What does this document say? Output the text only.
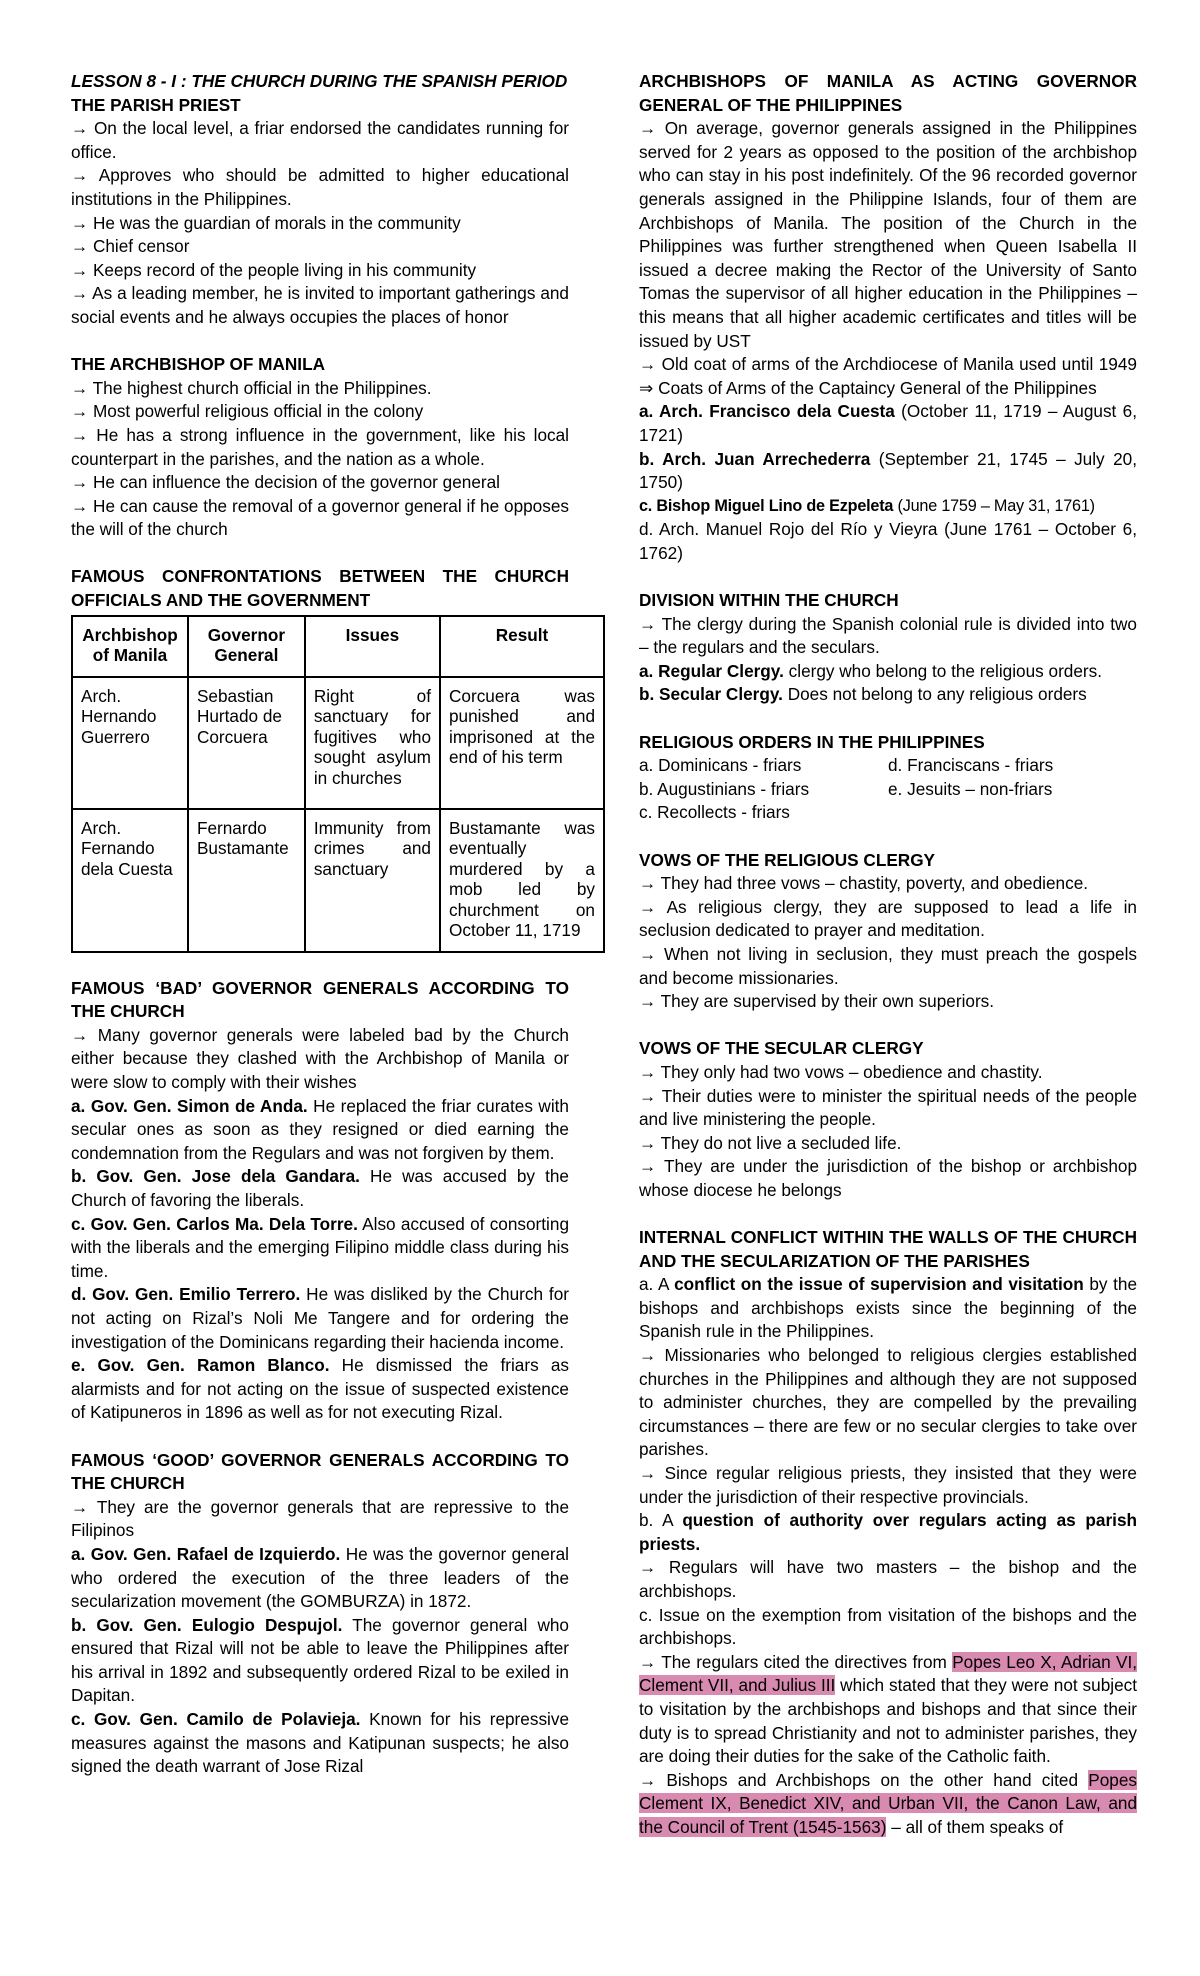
LESSON 8 - I : THE CHURCH DURING THE SPANISH PERIOD

THE PARISH PRIEST

→ On the local level, a friar endorsed the candidates running for office.

→ Approves who should be admitted to higher educational institutions in the Philippines.

→ He was the guardian of morals in the community

→ Chief censor

→ Keeps record of the people living in his community

→ As a leading member, he is invited to important gatherings and social events and he always occupies the places of honor

THE ARCHBISHOP OF MANILA

→ The highest church official in the Philippines.

→ Most powerful religious official in the colony

→ He has a strong influence in the government, like his local counterpart in the parishes, and the nation as a whole.

→ He can influence the decision of the governor general

→ He can cause the removal of a governor general if he opposes the will of the church

FAMOUS CONFRONTATIONS BETWEEN THE CHURCH OFFICIALS AND THE GOVERNMENT

Archbishop of Manila	Governor General	Issues	Result
Arch. Hernando Guerrero	Sebastian Hurtado de Corcuera	Right of sanctuary for fugitives who sought asylum in churches	Corcuera was punished and imprisoned at the end of his term
Arch. Fernando dela Cuesta	Fernardo Bustamante	Immunity from crimes and sanctuary	Bustamante was eventually murdered by a mob led by churchment on October 11, 1719

FAMOUS ‘BAD’ GOVERNOR GENERALS ACCORDING TO THE CHURCH

→ Many governor generals were labeled bad by the Church either because they clashed with the Archbishop of Manila or were slow to comply with their wishes

a. Gov. Gen. Simon de Anda. He replaced the friar curates with secular ones as soon as they resigned or died earning the condemnation from the Regulars and was not forgiven by them.

b. Gov. Gen. Jose dela Gandara. He was accused by the Church of favoring the liberals.

c. Gov. Gen. Carlos Ma. Dela Torre. Also accused of consorting with the liberals and the emerging Filipino middle class during his time.

d. Gov. Gen. Emilio Terrero. He was disliked by the Church for not acting on Rizal’s Noli Me Tangere and for ordering the investigation of the Dominicans regarding their hacienda income.

e. Gov. Gen. Ramon Blanco. He dismissed the friars as alarmists and for not acting on the issue of suspected existence of Katipuneros in 1896 as well as for not executing Rizal.

FAMOUS ‘GOOD’ GOVERNOR GENERALS ACCORDING TO THE CHURCH

→ They are the governor generals that are repressive to the Filipinos

a. Gov. Gen. Rafael de Izquierdo. He was the governor general who ordered the execution of the three leaders of the secularization movement (the GOMBURZA) in 1872.

b. Gov. Gen. Eulogio Despujol. The governor general who ensured that Rizal will not be able to leave the Philippines after his arrival in 1892 and subsequently ordered Rizal to be exiled in Dapitan.

c. Gov. Gen. Camilo de Polavieja. Known for his repressive measures against the masons and Katipunan suspects; he also signed the death warrant of Jose Rizal

ARCHBISHOPS OF MANILA AS ACTING GOVERNOR GENERAL OF THE PHILIPPINES

→ On average, governor generals assigned in the Philippines served for 2 years as opposed to the position of the archbishop who can stay in his post indefinitely. Of the 96 recorded governor generals assigned in the Philippine Islands, four of them are Archbishops of Manila. The position of the Church in the Philippines was further strengthened when Queen Isabella II issued a decree making the Rector of the University of Santo Tomas the supervisor of all higher education in the Philippines – this means that all higher academic certificates and titles will be issued by UST

→ Old coat of arms of the Archdiocese of Manila used until 1949 ⇒ Coats of Arms of the Captaincy General of the Philippines

a. Arch. Francisco dela Cuesta (October 11, 1719 – August 6, 1721)

b. Arch. Juan Arrechederra (September 21, 1745 – July 20, 1750)

c. Bishop Miguel Lino de Ezpeleta (June 1759 – May 31, 1761)

d. Arch. Manuel Rojo del Río y Vieyra (June 1761 – October 6, 1762)

DIVISION WITHIN THE CHURCH

→ The clergy during the Spanish colonial rule is divided into two – the regulars and the seculars.

a. Regular Clergy. clergy who belong to the religious orders.

b. Secular Clergy. Does not belong to any religious orders

RELIGIOUS ORDERS IN THE PHILIPPINES

a. Dominicans - friars

b. Augustinians - friars

c. Recollects - friars

d. Franciscans - friars

e. Jesuits – non-friars

VOWS OF THE RELIGIOUS CLERGY

→ They had three vows – chastity, poverty, and obedience.

→ As religious clergy, they are supposed to lead a life in seclusion dedicated to prayer and meditation.

→ When not living in seclusion, they must preach the gospels and become missionaries.

→ They are supervised by their own superiors.

VOWS OF THE SECULAR CLERGY

→ They only had two vows – obedience and chastity.

→ Their duties were to minister the spiritual needs of the people and live ministering the people.

→ They do not live a secluded life.

→ They are under the jurisdiction of the bishop or archbishop whose diocese he belongs

INTERNAL CONFLICT WITHIN THE WALLS OF THE CHURCH AND THE SECULARIZATION OF THE PARISHES

a. A conflict on the issue of supervision and visitation by the bishops and archbishops exists since the beginning of the Spanish rule in the Philippines.

→ Missionaries who belonged to religious clergies established churches in the Philippines and although they are not supposed to administer churches, they are compelled by the prevailing circumstances – there are few or no secular clergies to take over parishes.

→ Since regular religious priests, they insisted that they were under the jurisdiction of their respective provincials.

b. A question of authority over regulars acting as parish priests.

→ Regulars will have two masters – the bishop and the archbishops.

c. Issue on the exemption from visitation of the bishops and the archbishops.

→ The regulars cited the directives from Popes Leo X, Adrian VI, Clement VII, and Julius III which stated that they were not subject to visitation by the archbishops and bishops and that since their duty is to spread Christianity and not to administer parishes, they are doing their duties for the sake of the Catholic faith.

→ Bishops and Archbishops on the other hand cited Popes Clement IX, Benedict XIV, and Urban VII, the Canon Law, and the Council of Trent (1545-1563) – all of them speaks of
